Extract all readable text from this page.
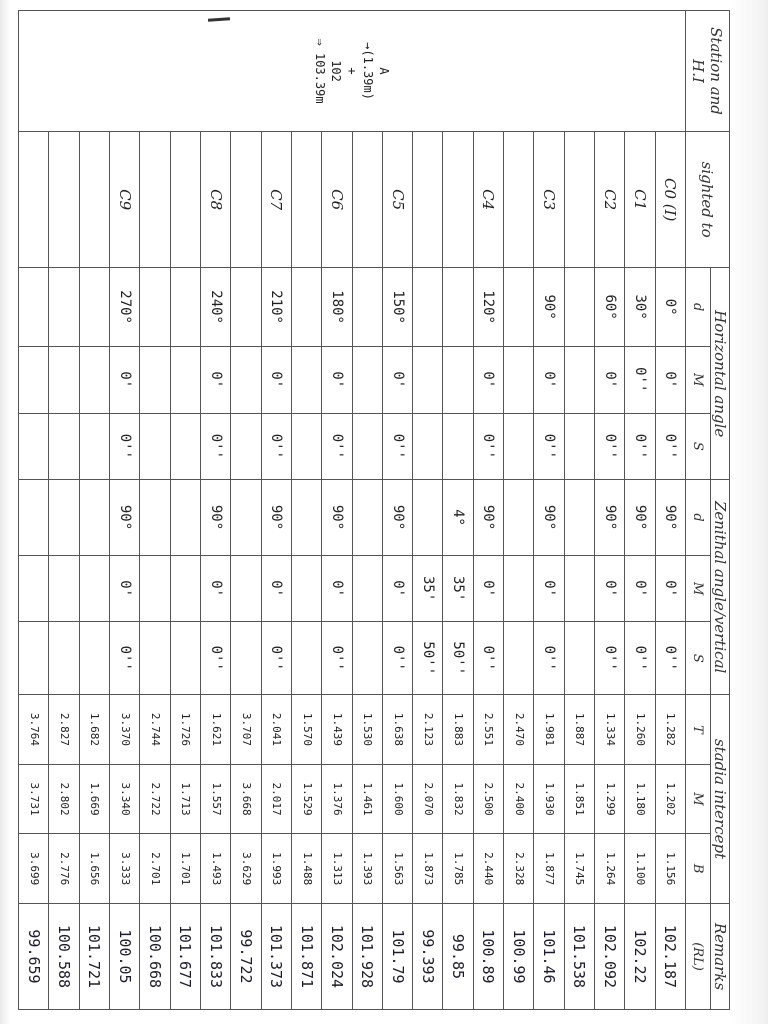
Station and H.I	sighted to	Horizontal angle			Zenithal angle/vertical			stadia intercept			Remarks
		d	M	S	d	M	S	T	M	B	(RL)

A
→(1.39m)
+
102
⇒ 103.39m	C0 (I)	0°	0'	0''	90°	0'	0''	1.282	1.202	1.156	102.187
	C1	30°	0''	0''	90°	0'	0''	1.260	1.180	1.100	102.22
	C2	60°	0'	0''	90°	0'	0''	1.334	1.299	1.264	102.092
								1.887	1.851	1.745	101.538
	C3	90°	0'	0''	90°	0'	0''	1.981	1.930	1.877	101.46
								2.470	2.400	2.328	100.99
	C4	120°	0'	0''	90°	0'	0''	2.551	2.500	2.440	100.89
					4°	35'	50''	1.883	1.832	1.785	99.85
						35'	50''	2.123	2.070	1.873	99.393
	C5	150°	0'	0''	90°	0'	0''	1.638	1.600	1.563	101.79
								1.530	1.461	1.393	101.928
	C6	180°	0'	0''	90°	0'	0''	1.439	1.376	1.313	102.024
								1.570	1.529	1.488	101.871
	C7	210°	0'	0''	90°	0'	0''	2.041	2.017	1.993	101.373
								3.707	3.668	3.629	99.722
	C8	240°	0'	0''	90°	0'	0''	1.621	1.557	1.493	101.833
								1.726	1.713	1.701	101.677
								2.744	2.722	2.701	100.668
	C9	270°	0'	0''	90°	0'	0''	3.370	3.340	3.333	100.05
								1.682	1.669	1.656	101.721
								2.827	2.802	2.776	100.588
								3.764	3.731	3.699	99.659
